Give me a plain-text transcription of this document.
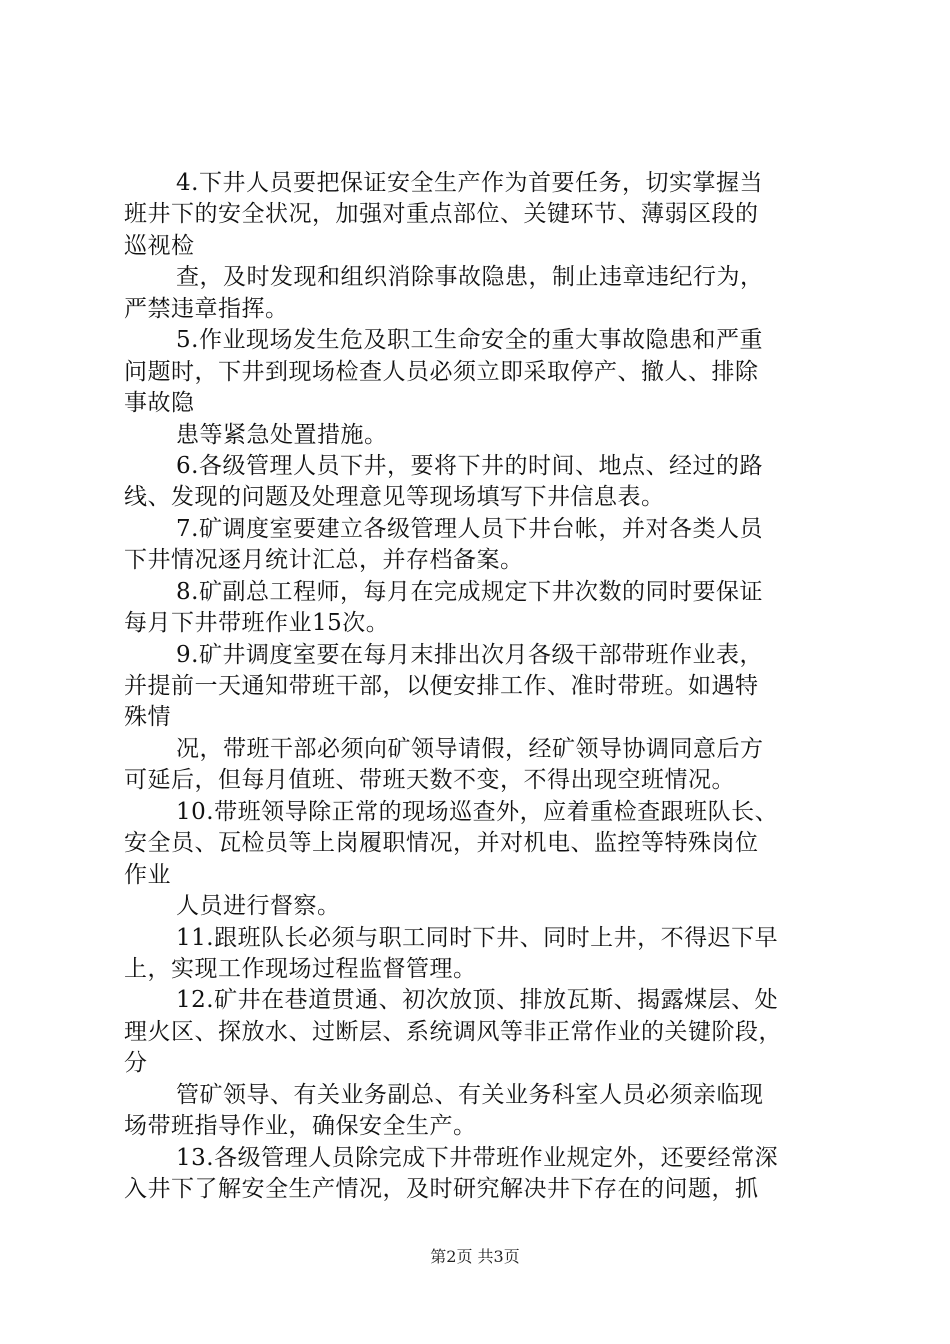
4.下井人员要把保证安全生产作为首要任务，切实掌握当
班井下的安全状况，加强对重点部位、关键环节、薄弱区段的
巡视检
查，及时发现和组织消除事故隐患，制止违章违纪行为，
严禁违章指挥。
5.作业现场发生危及职工生命安全的重大事故隐患和严重
问题时，下井到现场检查人员必须立即采取停产、撤人、排除
事故隐
患等紧急处置措施。
6.各级管理人员下井，要将下井的时间、地点、经过的路
线、发现的问题及处理意见等现场填写下井信息表。
7.矿调度室要建立各级管理人员下井台帐，并对各类人员
下井情况逐月统计汇总，并存档备案。
8.矿副总工程师，每月在完成规定下井次数的同时要保证
每月下井带班作业15次。
9.矿井调度室要在每月末排出次月各级干部带班作业表，
并提前一天通知带班干部，以便安排工作、准时带班。如遇特
殊情
况，带班干部必须向矿领导请假，经矿领导协调同意后方
可延后，但每月值班、带班天数不变，不得出现空班情况。
10.带班领导除正常的现场巡查外，应着重检查跟班队长、
安全员、瓦检员等上岗履职情况，并对机电、监控等特殊岗位
作业
人员进行督察。
11.跟班队长必须与职工同时下井、同时上井，不得迟下早
上，实现工作现场过程监督管理。
12.矿井在巷道贯通、初次放顶、排放瓦斯、揭露煤层、处
理火区、探放水、过断层、系统调风等非正常作业的关键阶段，
分
管矿领导、有关业务副总、有关业务科室人员必须亲临现
场带班指导作业，确保安全生产。
13.各级管理人员除完成下井带班作业规定外，还要经常深
入井下了解安全生产情况，及时研究解决井下存在的问题，抓
第2页 共3页
